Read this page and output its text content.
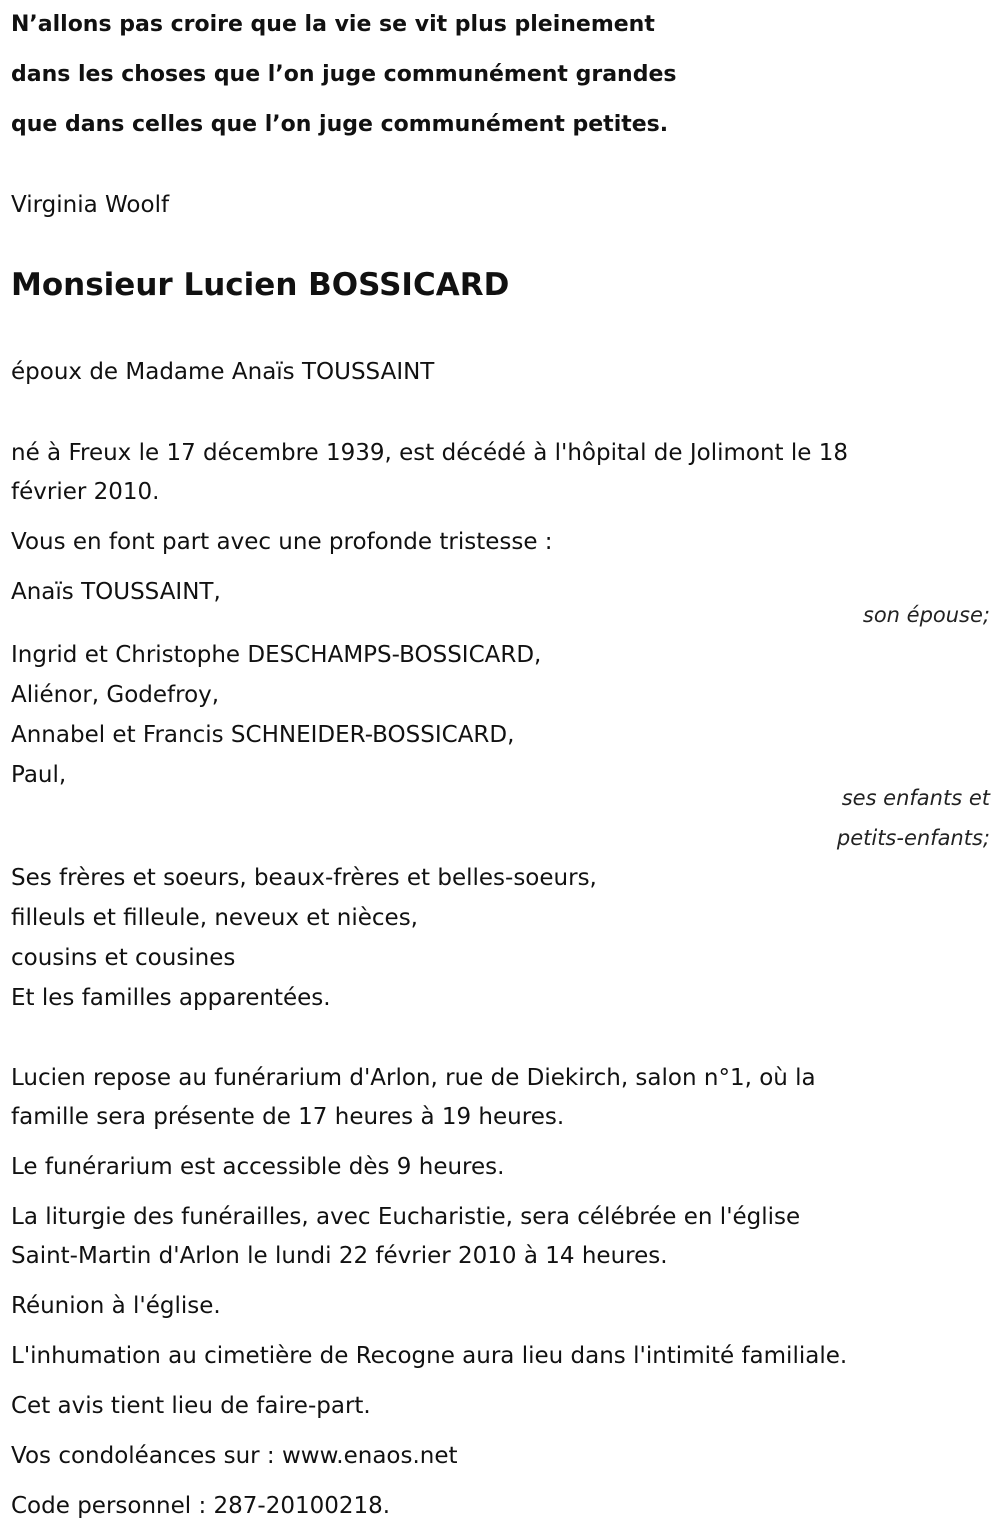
N’allons pas croire que la vie se vit plus pleinement
dans les choses que l’on juge communément grandes
que dans celles que l’on juge communément petites.
Virginia Woolf
Monsieur Lucien BOSSICARD
époux de Madame Anaïs TOUSSAINT
né à Freux le 17 décembre 1939, est décédé à l'hôpital de Jolimont le 18
février 2010.
Vous en font part avec une profonde tristesse :
Anaïs TOUSSAINT,
son épouse;
Ingrid et Christophe DESCHAMPS-BOSSICARD,
Aliénor, Godefroy,
Annabel et Francis SCHNEIDER-BOSSICARD,
Paul,
ses enfants et
petits-enfants;
Ses frères et soeurs, beaux-frères et belles-soeurs,
filleuls et filleule, neveux et nièces,
cousins et cousines
Et les familles apparentées.
Lucien repose au funérarium d'Arlon, rue de Diekirch, salon n°1, où la
famille sera présente de 17 heures à 19 heures.
Le funérarium est accessible dès 9 heures.
La liturgie des funérailles, avec Eucharistie, sera célébrée en l'église
Saint-Martin d'Arlon le lundi 22 février 2010 à 14 heures.
Réunion à l'église.
L'inhumation au cimetière de Recogne aura lieu dans l'intimité familiale.
Cet avis tient lieu de faire-part.
Vos condoléances sur : www.enaos.net
Code personnel : 287-20100218.
